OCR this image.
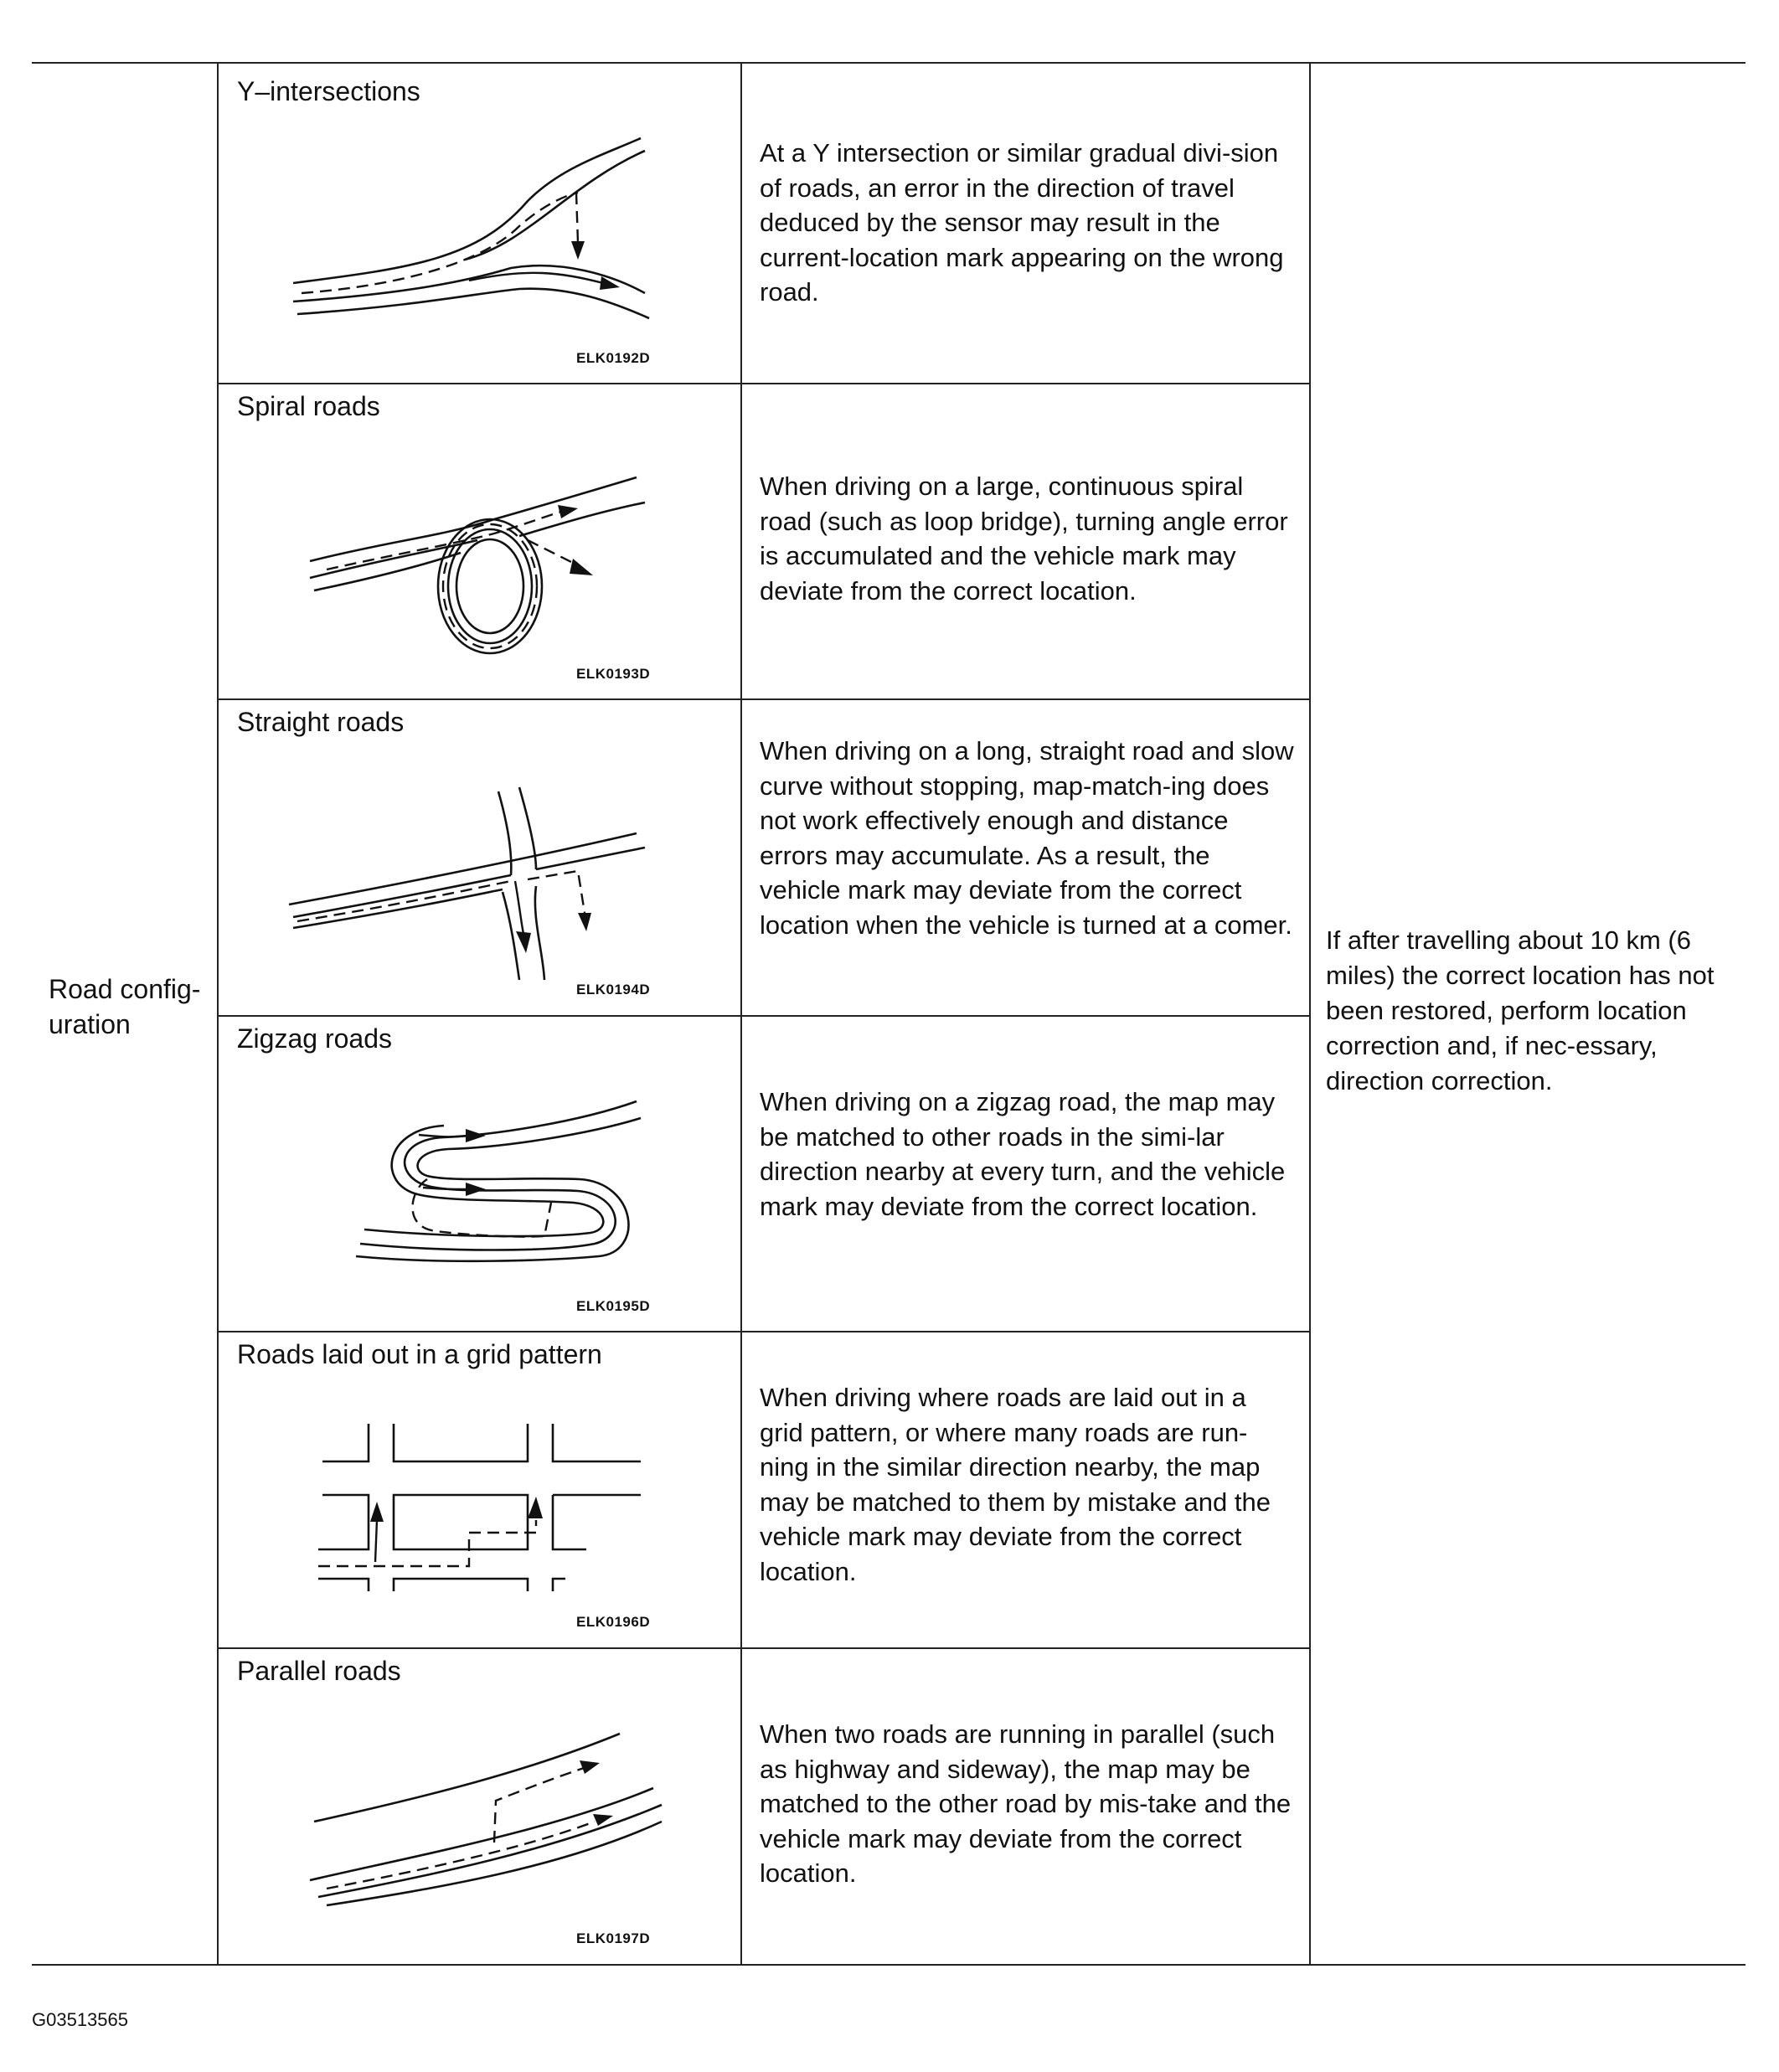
Road config-
uration
If after travelling about 10 km (6 miles) the correct location has not been restored, perform location correction and, if nec-essary, direction correction.
Y–intersections
At a Y intersection or similar gradual divi-sion of roads, an error in the direction of travel deduced by the sensor may result in the current-location mark appearing on the wrong road.
ELK0192D
Spiral roads
When driving on a large, continuous spiral road (such as loop bridge), turning angle error is accumulated and the vehicle mark may deviate from the correct location.
ELK0193D
Straight roads
When driving on a long, straight road and slow curve without stopping, map-match-ing does not work effectively enough and distance errors may accumulate. As a result, the vehicle mark may deviate from the correct location when the vehicle is turned at a comer.
ELK0194D
Zigzag roads
When driving on a zigzag road, the map may be matched to other roads in the simi-lar direction nearby at every turn, and the vehicle mark may deviate from the correct location.
ELK0195D
Roads laid out in a grid pattern
When driving where roads are laid out in a grid pattern, or where many roads are run-ning in the similar direction nearby, the map may be matched to them by mistake and the vehicle mark may deviate from the correct location.
ELK0196D
Parallel roads
When two roads are running in parallel (such as highway and sideway), the map may be matched to the other road by mis-take and the vehicle mark may deviate from the correct location.
ELK0197D
G03513565
